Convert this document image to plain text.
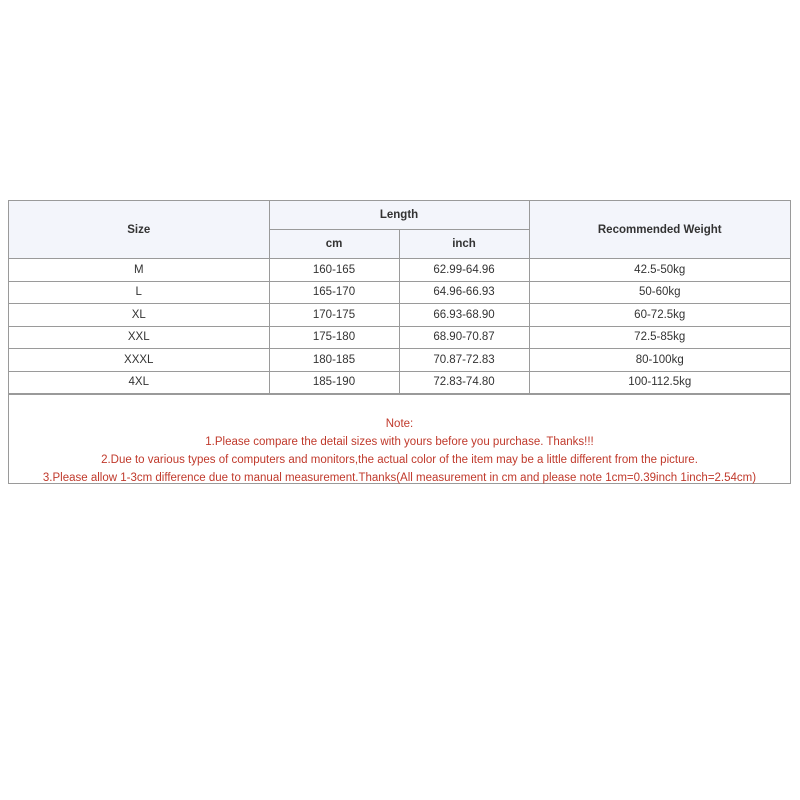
Size	Length		Recommended Weight
	cm	inch	
M	160-165	62.99-64.96	42.5-50kg
L	165-170	64.96-66.93	50-60kg
XL	170-175	66.93-68.90	60-72.5kg
XXL	175-180	68.90-70.87	72.5-85kg
XXXL	180-185	70.87-72.83	80-100kg
4XL	185-190	72.83-74.80	100-112.5kg
Note:
1.Please compare the detail sizes with yours before you purchase. Thanks!!!
2.Due to various types of computers and monitors,the actual color of the item may be a little different from the picture.
3.Please allow 1-3cm difference due to manual measurement.Thanks(All measurement in cm and please note 1cm=0.39inch 1inch=2.54cm)
